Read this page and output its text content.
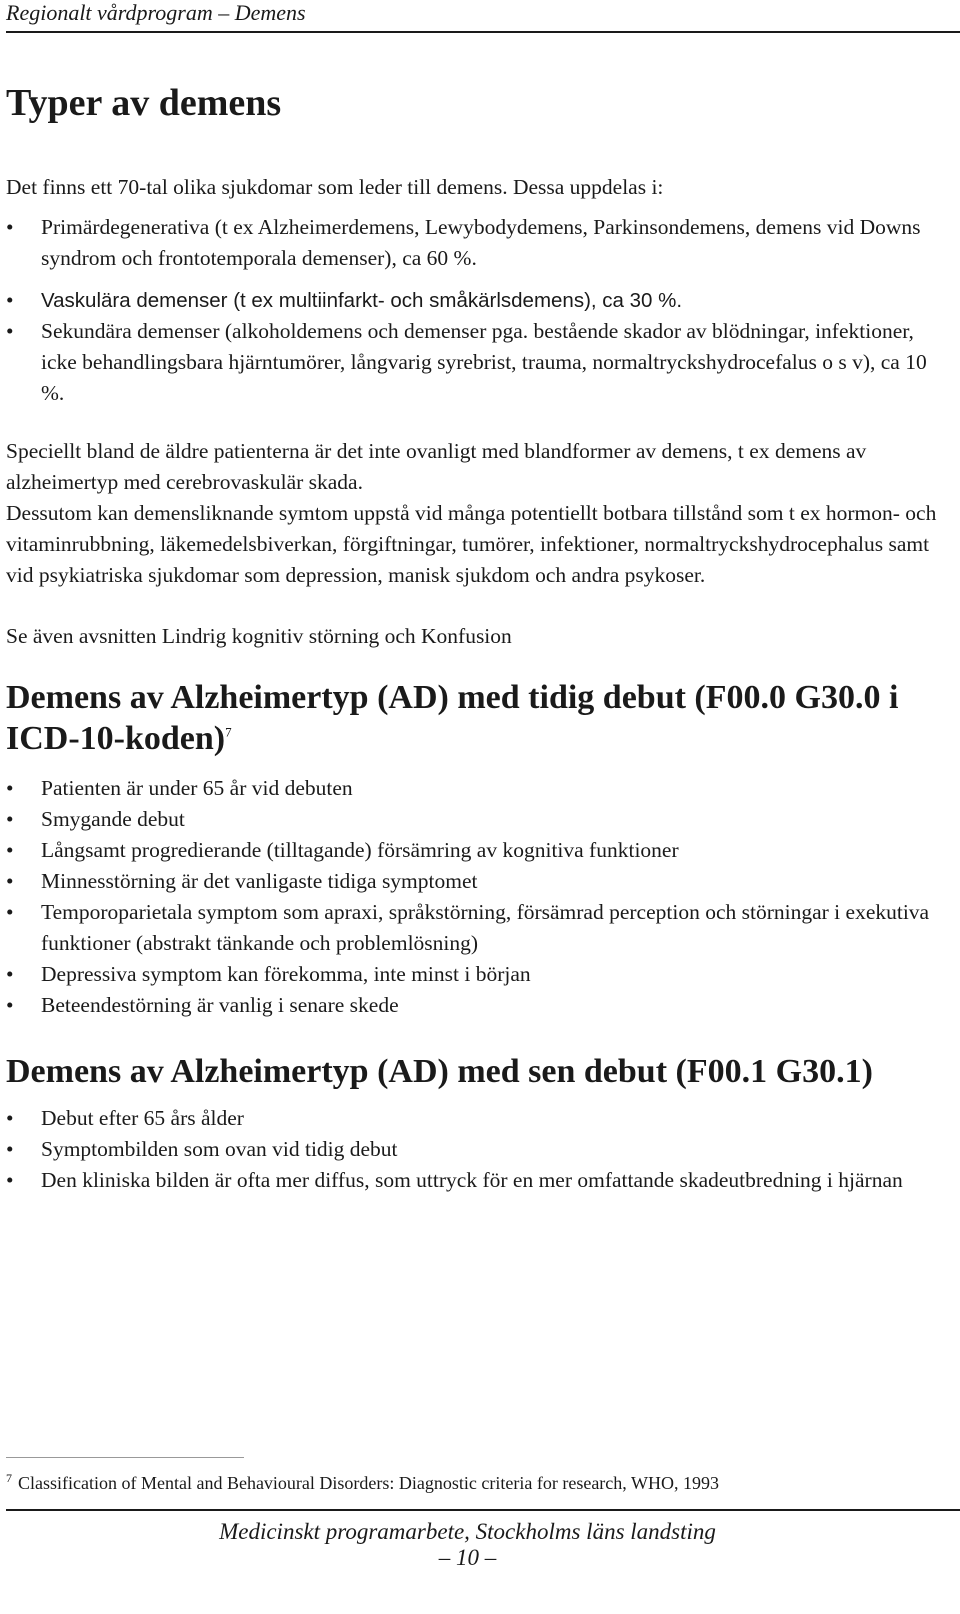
Regionalt vårdprogram – Demens
Typer av demens

Det finns ett 70-tal olika sjukdomar som leder till demens. Dessa uppdelas i:

•	Primärdegenerativa (t ex Alzheimerdemens, Lewybodydemens, Parkinsondemens, demens vid Downs syndrom och frontotemporala demenser), ca 60 %.
•	Vaskulära demenser (t ex multiinfarkt- och småkärlsdemens), ca 30 %.
•	Sekundära demenser (alkoholdemens och demenser pga. bestående skador av blödningar, infektioner, icke behandlingsbara hjärntumörer, långvarig syrebrist, trauma, normaltryckshydrocefalus o s v), ca 10 %.

Speciellt bland de äldre patienterna är det inte ovanligt med blandformer av demens, t ex demens av alzheimertyp med cerebrovaskulär skada.

Dessutom kan demensliknande symtom uppstå vid många potentiellt botbara tillstånd som t ex hormon- och vitaminrubbning, läkemedelsbiverkan, förgiftningar, tumörer, infektioner, normaltryckshydrocephalus samt vid psykiatriska sjukdomar som depression, manisk sjukdom och andra psykoser.

Se även avsnitten Lindrig kognitiv störning och Konfusion

Demens av Alzheimertyp (AD) med tidig debut (F00.0 G30.0 i ICD-10-koden)$^7$
•	Patienten är under 65 år vid debuten
•	Smygande debut
•	Långsamt progredierande (tilltagande) försämring av kognitiva funktioner
•	Minnesstörning är det vanligaste tidiga symptomet
•	Temporoparietala symptom som apraxi, språkstörning, försämrad perception och störningar i exekutiva funktioner (abstrakt tänkande och problemlösning)
•	Depressiva symptom kan förekomma, inte minst i början
•	Beteendestörning är vanlig i senare skede
Demens av Alzheimertyp (AD) med sen debut (F00.1 G30.1)
•	Debut efter 65 års ålder
•	Symptombilden som ovan vid tidig debut
•	Den kliniska bilden är ofta mer diffus, som uttryck för en mer omfattande skadeutbredning i hjärnan
$^7$ Classification of Mental and Behavioural Disorders: Diagnostic criteria for research, WHO, 1993
Medicinskt programarbete, Stockholms läns landsting
– 10 –
